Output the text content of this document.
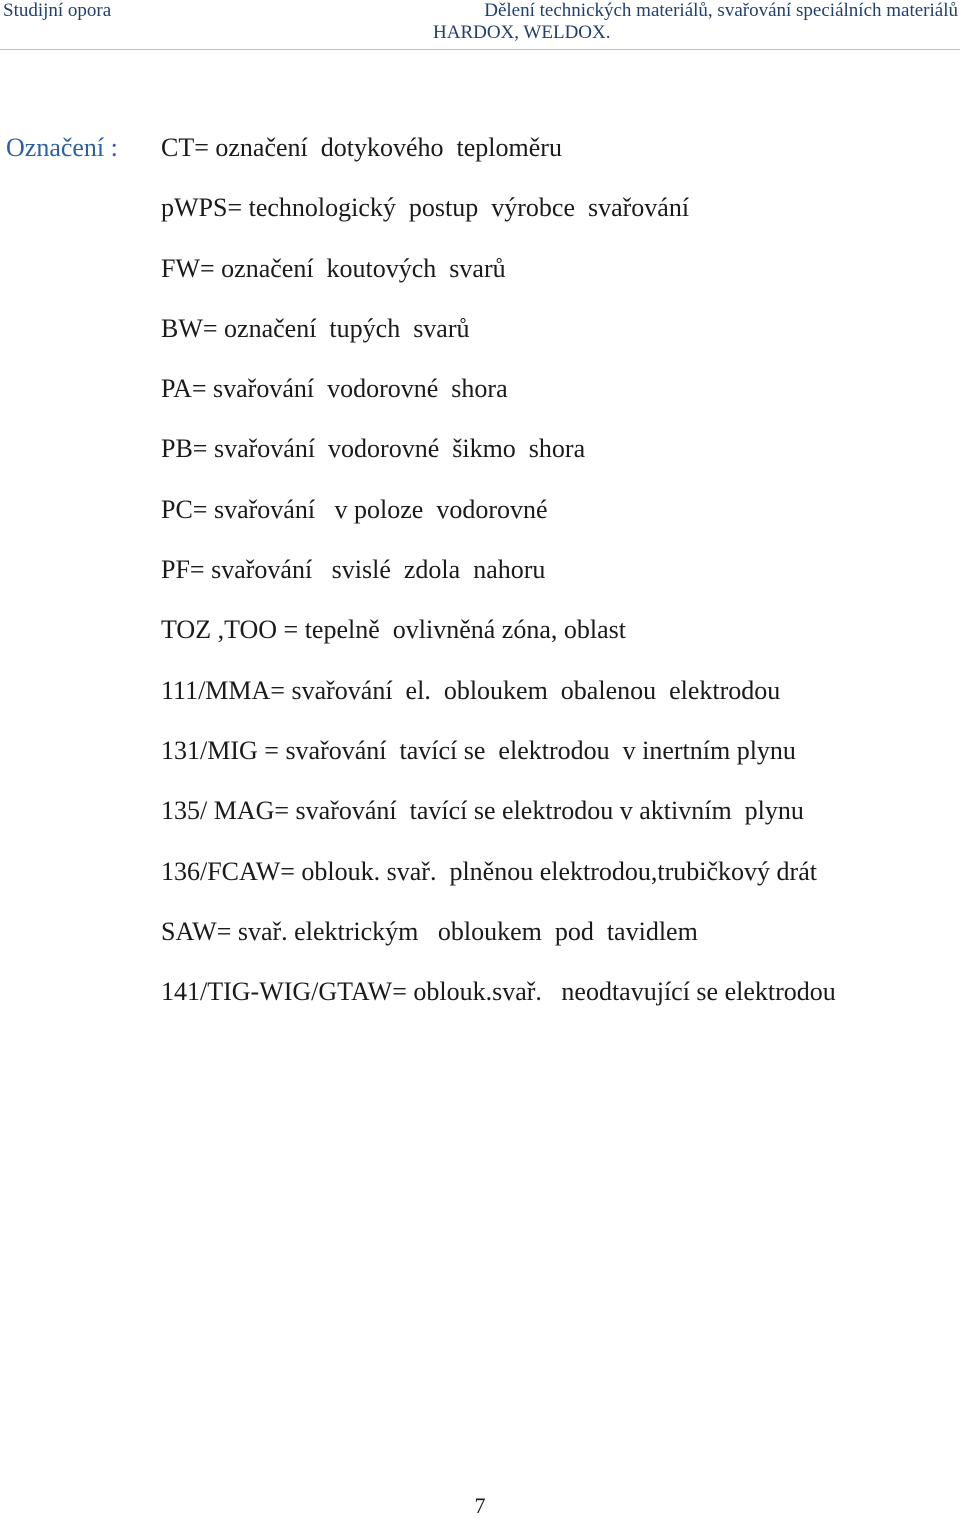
Studijní opora	Dělení technických materiálů, svařování speciálních materiálů
HARDOX, WELDOX.
Označení : CT= označení  dotykového  teploměru
pWPS= technologický  postup  výrobce  svařování
FW= označení  koutových  svarů
BW= označení  tupých  svarů
PA= svařování  vodorovné  shora
PB= svařování  vodorovné  šikmo  shora
PC= svařování   v poloze  vodorovné
PF= svařování   svislé  zdola  nahoru
TOZ ,TOO = tepelně  ovlivněná zóna, oblast
111/MMA= svařování  el.  obloukem  obalenou  elektrodou
131/MIG = svařování  tavící se  elektrodou  v inertním plynu
135/ MAG= svařování  tavící se elektrodou v aktivním  plynu
136/FCAW= oblouk. svař.  plněnou elektrodou,trubičkový drát
SAW= svař. elektrickým   obloukem  pod  tavidlem
141/TIG-WIG/GTAW= oblouk.svař.   neodtavující se elektrodou
7
